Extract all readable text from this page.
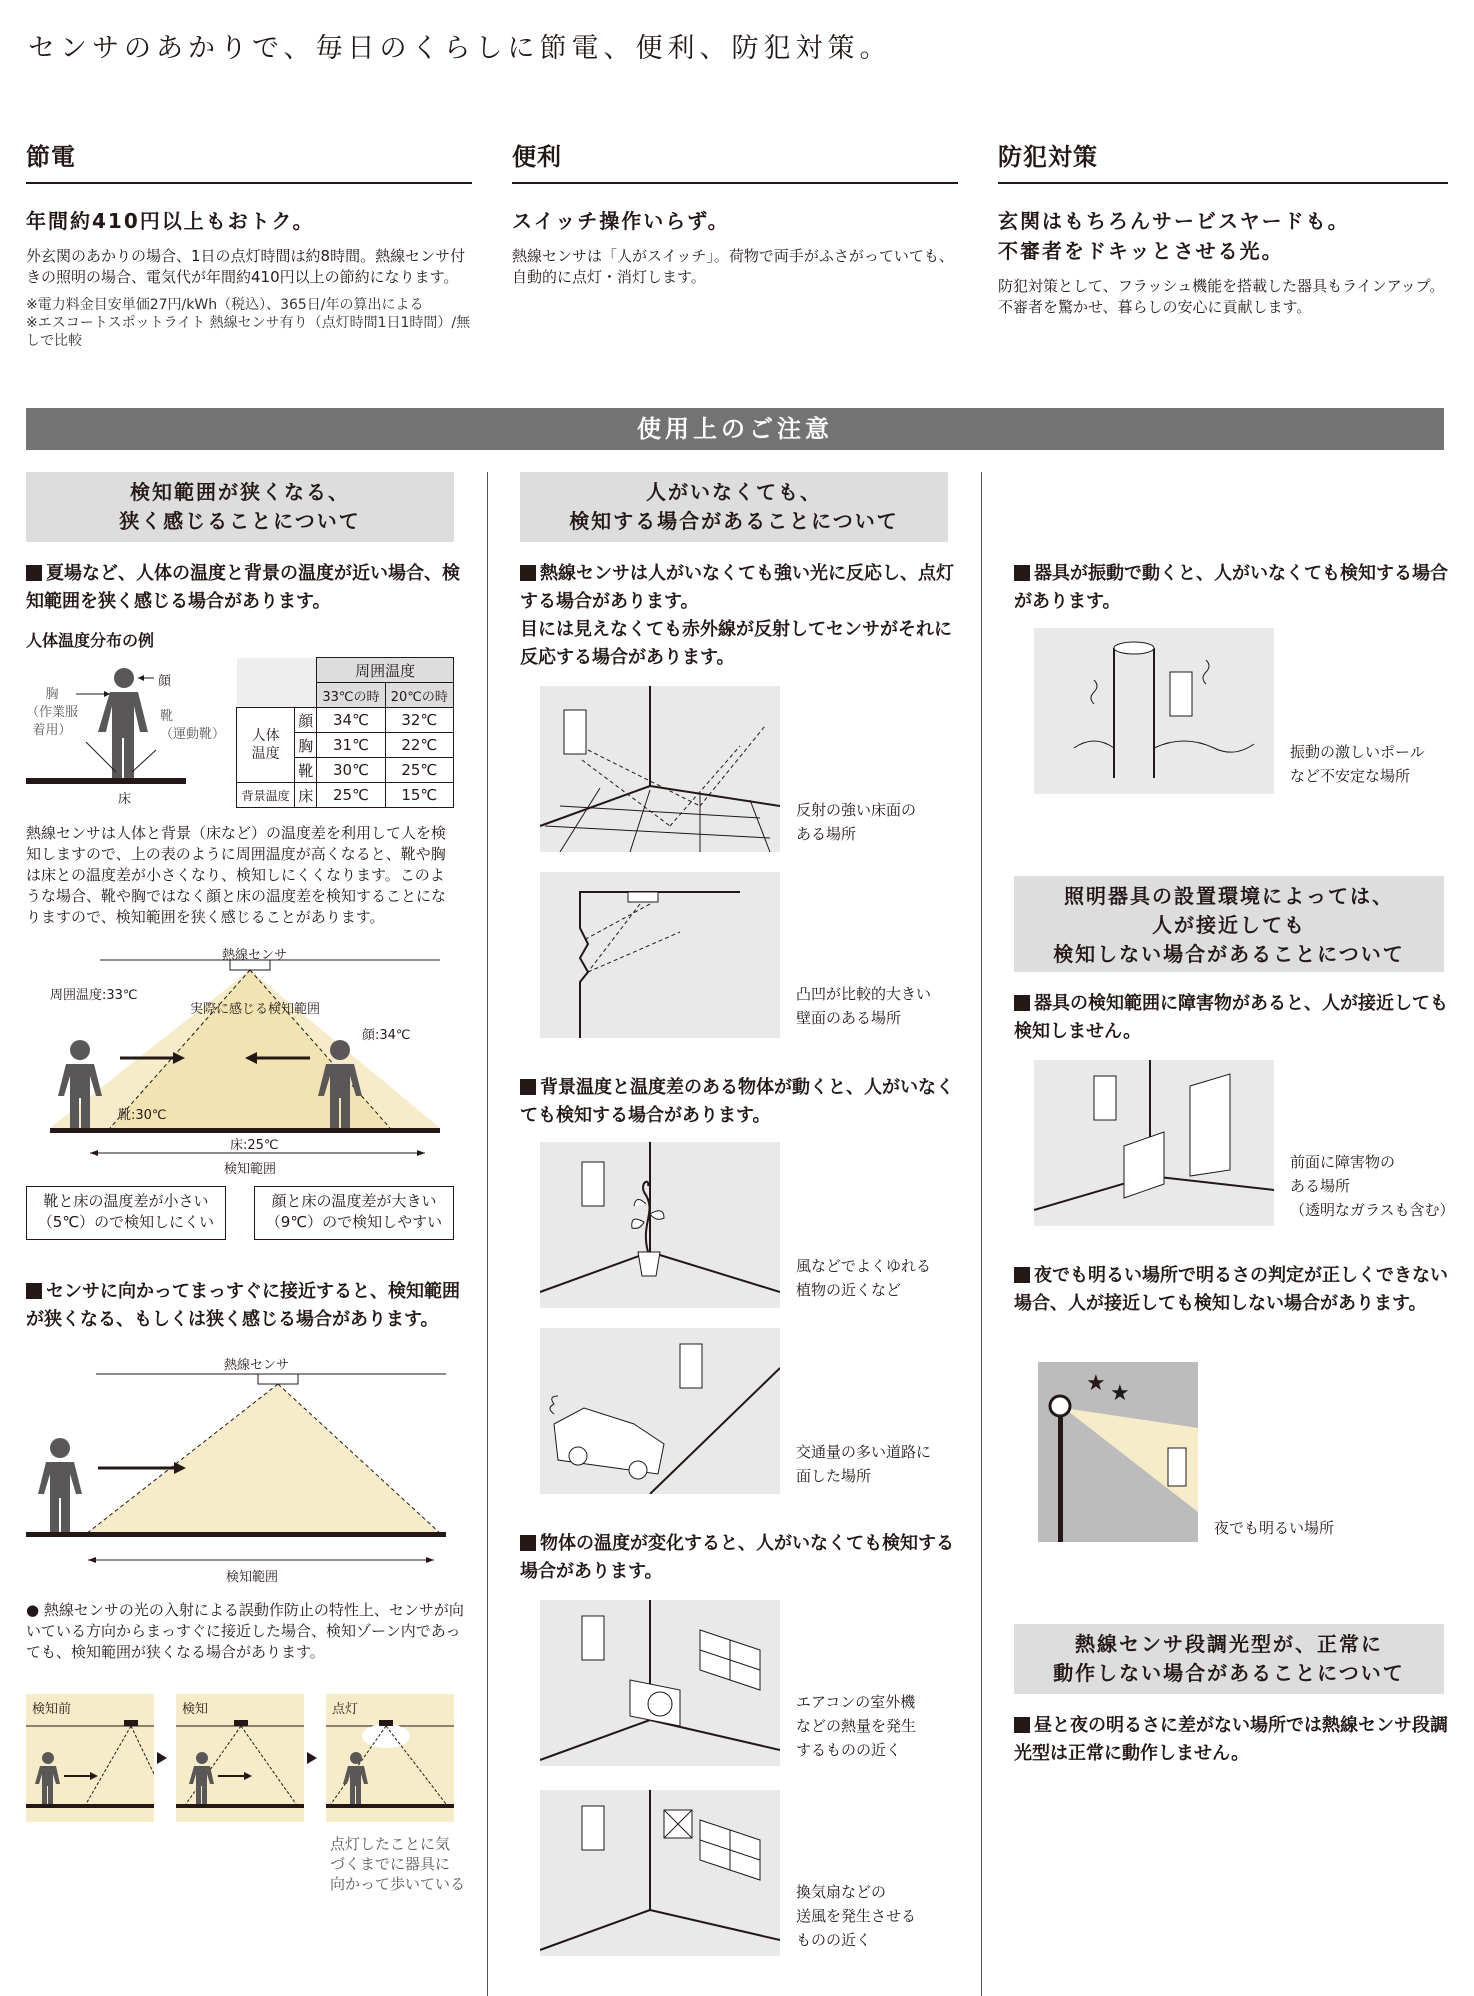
センサのあかりで、毎日のくらしに節電、便利、防犯対策。
節電
年間約410円以上もおトク。
外玄関のあかりの場合、1日の点灯時間は約8時間。熱線センサ付きの照明の場合、電気代が年間約410円以上の節約になります。
※電力料金目安単価27円/kWh（税込）、365日/年の算出による
※エスコートスポットライト 熱線センサ有り（点灯時間1日1時間）/無しで比較
便利
スイッチ操作いらず。
熱線センサは「人がスイッチ」。荷物で両手がふさがっていても、自動的に点灯・消灯します。
防犯対策
玄関はもちろんサービスヤードも。
不審者をドキッとさせる光。
防犯対策として、フラッシュ機能を搭載した器具もラインアップ。不審者を驚かせ、暮らしの安心に貢献します。
使用上のご注意
検知範囲が狭くなる、
狭く感じることについて
夏場など、人体の温度と背景の温度が近い場合、検知範囲を狭く感じる場合があります。
人体温度分布の例
顔
胸
（作業服
着用）
靴
（運動靴）
床
		周囲温度	
		33℃の時	20℃の時
人体
温度	顔	34℃	32℃
	胸	31℃	22℃
	靴	30℃	25℃
背景温度	床	25℃	15℃
熱線センサは人体と背景（床など）の温度差を利用して人を検知しますので、上の表のように周囲温度が高くなると、靴や胸は床との温度差が小さくなり、検知しにくくなります。このような場合、靴や胸ではなく顔と床の温度差を検知することになりますので、検知範囲を狭く感じることがあります。
熱線センサ
周囲温度:33℃
実際に感じる検知範囲
顔:34℃
靴:30℃
床:25℃
検知範囲
靴と床の温度差が小さい
（5℃）ので検知しにくい
顔と床の温度差が大きい
（9℃）ので検知しやすい
センサに向かってまっすぐに接近すると、検知範囲が狭くなる、もしくは狭く感じる場合があります。
熱線センサ
検知範囲
● 熱線センサの光の入射による誤動作防止の特性上、センサが向いている方向からまっすぐに接近した場合、検知ゾーン内であっても、検知範囲が狭くなる場合があります。
検知前	検知	点灯
点灯したことに気
づくまでに器具に
向かって歩いている
人がいなくても、
検知する場合があることについて
熱線センサは人がいなくても強い光に反応し、点灯する場合があります。
目には見えなくても赤外線が反射してセンサがそれに反応する場合があります。
反射の強い床面の
ある場所
凸凹が比較的大きい
壁面のある場所
背景温度と温度差のある物体が動くと、人がいなくても検知する場合があります。
風などでよくゆれる
植物の近くなど
交通量の多い道路に
面した場所
物体の温度が変化すると、人がいなくても検知する場合があります。
エアコンの室外機
などの熱量を発生
するものの近く
換気扇などの
送風を発生させる
ものの近く
器具が振動で動くと、人がいなくても検知する場合があります。
振動の激しいポール
など不安定な場所
照明器具の設置環境によっては、
人が接近しても
検知しない場合があることについて
器具の検知範囲に障害物があると、人が接近しても検知しません。
前面に障害物の
ある場所
（透明なガラスも含む）
夜でも明るい場所で明るさの判定が正しくできない場合、人が接近しても検知しない場合があります。
★ ★
夜でも明るい場所
熱線センサ段調光型が、正常に
動作しない場合があることについて
昼と夜の明るさに差がない場所では熱線センサ段調光型は正常に動作しません。
